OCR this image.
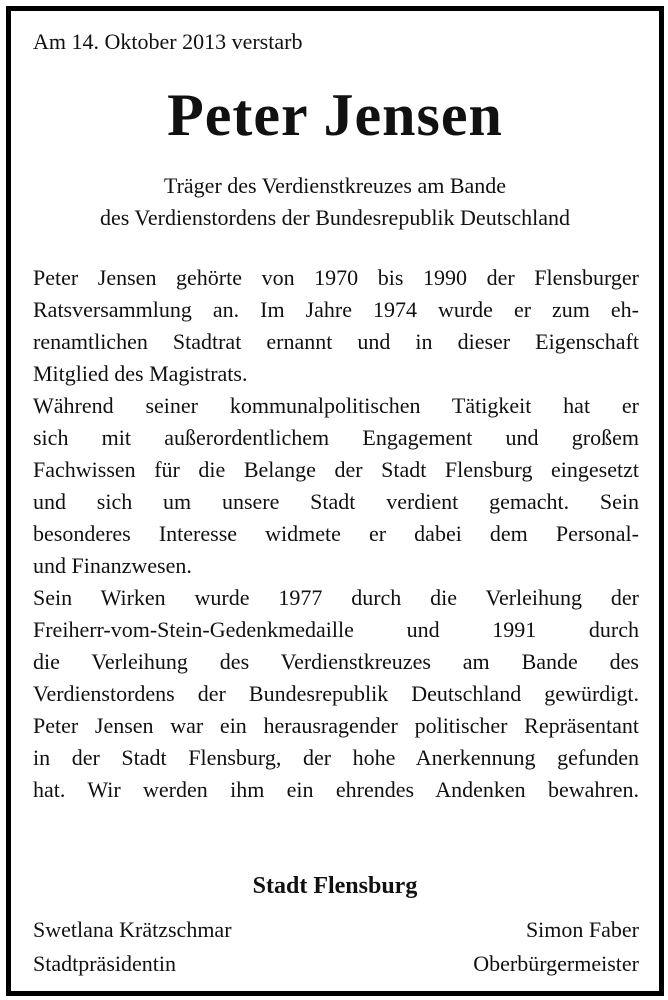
Am 14. Oktober 2013 verstarb
Peter Jensen
Träger des Verdienstkreuzes am Bande
des Verdienstordens der Bundesrepublik Deutschland
Peter Jensen gehörte von 1970 bis 1990 der Flensburger
Ratsversammlung an. Im Jahre 1974 wurde er zum eh-
renamtlichen Stadtrat ernannt und in dieser Eigenschaft
Mitglied des Magistrats.
Während seiner kommunalpolitischen Tätigkeit hat er
sich mit außerordentlichem Engagement und großem
Fachwissen für die Belange der Stadt Flensburg eingesetzt
und sich um unsere Stadt verdient gemacht. Sein
besonderes Interesse widmete er dabei dem Personal-
und Finanzwesen.
Sein Wirken wurde 1977 durch die Verleihung der
Freiherr-vom-Stein-Gedenkmedaille und 1991 durch
die Verleihung des Verdienstkreuzes am Bande des
Verdienstordens der Bundesrepublik Deutschland gewürdigt.
Peter Jensen war ein herausragender politischer Repräsentant
in der Stadt Flensburg, der hohe Anerkennung gefunden
hat. Wir werden ihm ein ehrendes Andenken bewahren.
Stadt Flensburg
Swetlana Krätzschmar
Stadtpräsidentin
Simon Faber
Oberbürgermeister
